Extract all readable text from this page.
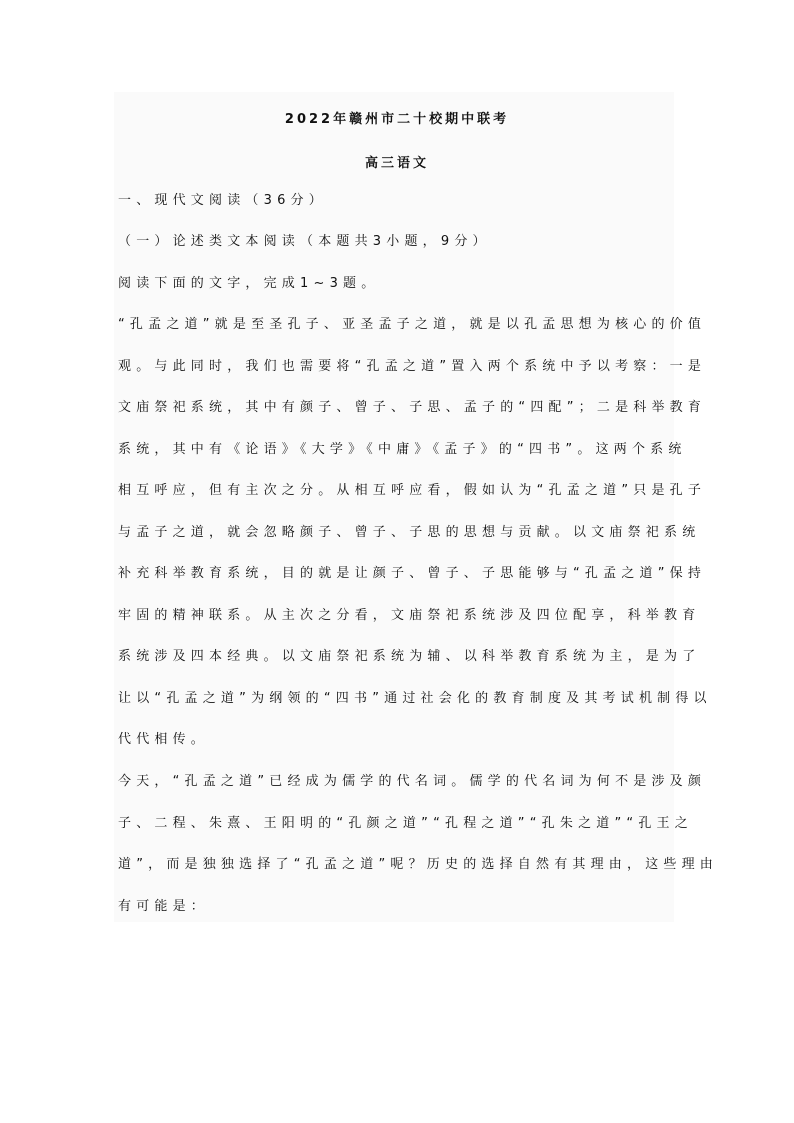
2022年赣州市二十校期中联考
高三语文
一、现代文阅读（36分）
（一）论述类文本阅读（本题共3小题，9分）
阅读下面的文字，完成1~3题。
“孔孟之道”就是至圣孔子、亚圣孟子之道，就是以孔孟思想为核心的价值
观。与此同时，我们也需要将“孔孟之道”置入两个系统中予以考察：一是
文庙祭祀系统，其中有颜子、曾子、子思、孟子的“四配”；二是科举教育
系统，其中有《论语》《大学》《中庸》《孟子》的“四书”。这两个系统
相互呼应，但有主次之分。从相互呼应看，假如认为“孔孟之道”只是孔子
与孟子之道，就会忽略颜子、曾子、子思的思想与贡献。以文庙祭祀系统
补充科举教育系统，目的就是让颜子、曾子、子思能够与“孔孟之道”保持
牢固的精神联系。从主次之分看，文庙祭祀系统涉及四位配享，科举教育
系统涉及四本经典。以文庙祭祀系统为辅、以科举教育系统为主，是为了
让以“孔孟之道”为纲领的“四书”通过社会化的教育制度及其考试机制得以
代代相传。
今天，“孔孟之道”已经成为儒学的代名词。儒学的代名词为何不是涉及颜
子、二程、朱熹、王阳明的“孔颜之道”“孔程之道”“孔朱之道”“孔王之
道”，而是独独选择了“孔孟之道”呢？历史的选择自然有其理由，这些理由
有可能是：
